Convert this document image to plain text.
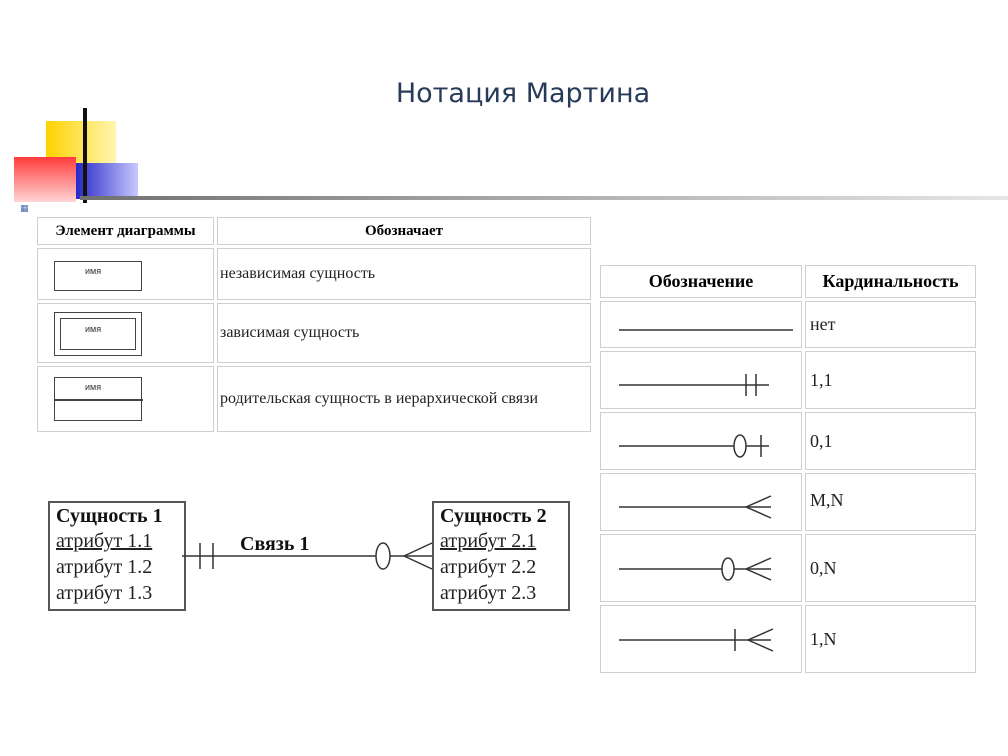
Нотация Мартина
▦
Элемент диаграммы	Обозначает

имя	независимая сущность

имя	зависимая сущность

имя	родительская сущность в иерархической связи
Обозначение	Кардинальность

	нет

	1,1

	0,1

	M,N

	0,N

	1,N
Сущность 1
атрибут 1.1
атрибут 1.2
атрибут 1.3
Сущность 2
атрибут 2.1
атрибут 2.2
атрибут 2.3
Связь 1
